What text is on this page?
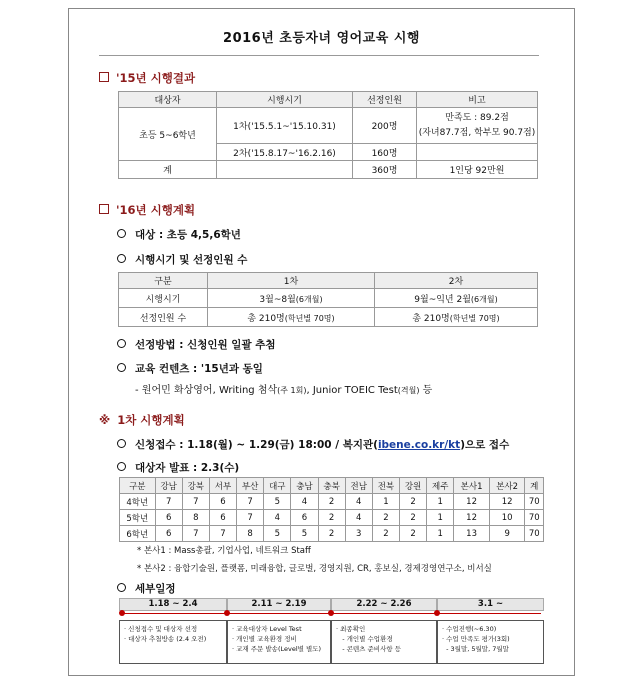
2016년 초등자녀 영어교육 시행
'15년 시행결과
대상자	시행시기	선정인원	비고
초등 5~6학년	1차('15.5.1~'15.10.31)	200명	만족도 : 89.2점
(자녀87.7점, 학부모 90.7점)

	2차('15.8.17~'16.2.16)	160명	
계		360명	1인당 92만원
'16년 시행계획
대상 : 초등 4,5,6학년
시행시기 및 선정인원 수
구분	1차	2차
시행시기	3월~8월(6개월)	9월~익년 2월(6개월)
선정인원 수	총 210명(학년별 70명)	총 210명(학년별 70명)
선정방법 : 신청인원 일괄 추첨
교육 컨텐츠 : '15년과 동일
- 원어민 화상영어, Writing 첨삭(주 1회), Junior TOEIC Test(격월) 등
※ 1차 시행계획
신청접수 : 1.18(월) ~ 1.29(금) 18:00 / 복지관(ibene.co.kr/kt)으로 접수
대상자 발표 : 2.3(수)
구분	강남	강북	서부	부산	대구	충남	충북	전남	전북	강원	제주	본사1	본사2	계
4학년	7	7	6	7	5	4	2	4	1	2	1	12	12	70
5학년	6	8	6	7	4	6	2	4	2	2	1	12	10	70
6학년	6	7	7	8	5	5	2	3	2	2	1	13	9	70
* 본사1 : Mass총괄, 기업사업, 네트워크 Staff
* 본사2 : 융합기술원, 플랫폼, 미래융합, 글로벌, 경영지원, CR, 홍보실, 경제경영연구소, 비서실
세부일정
1.18 ~ 2.4	2.11 ~ 2.19	2.22 ~ 2.26	3.1 ~
· 신청접수 및 대상자 선정
· 대상자 추첨방송 (2.4 오전)
· 교육대상자 Level Test
· 개인별 교육환경 정비
· 교재 주문 발송(Level별 별도)
· 최종확인
- 개인별 수업환경
- 콘텐츠 준비사항 등
· 수업진행(~6.30)
· 수업 만족도 평가(3회)
- 3월말, 5월말, 7월말
